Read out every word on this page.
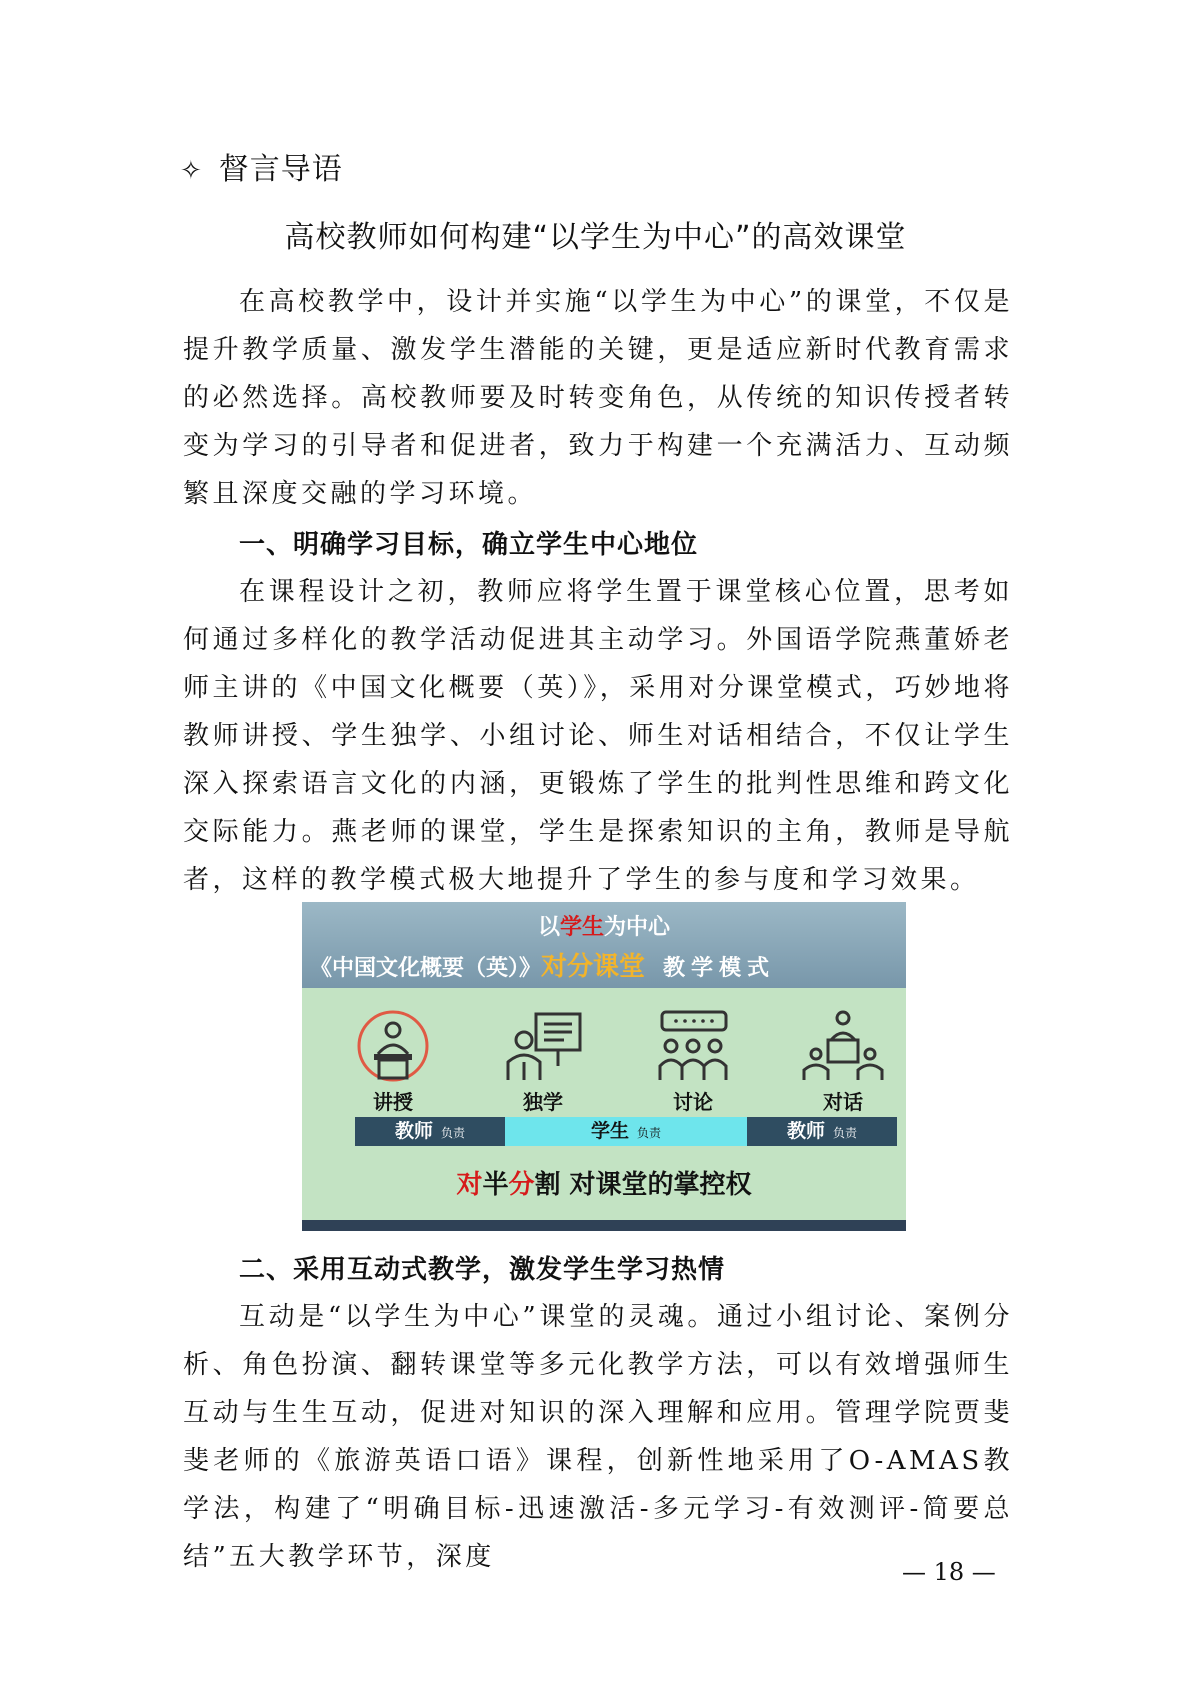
✧ 督言导语
高校教师如何构建“以学生为中心”的高效课堂

在高校教学中，设计并实施“以学生为中心”的课堂，不仅是提升教学质量、激发学生潜能的关键，更是适应新时代教育需求的必然选择。高校教师要及时转变角色，从传统的知识传授者转变为学习的引导者和促进者，致力于构建一个充满活力、互动频繁且深度交融的学习环境。

一、明确学习目标，确立学生中心地位

在课程设计之初，教师应将学生置于课堂核心位置，思考如何通过多样化的教学活动促进其主动学习。外国语学院燕董娇老师主讲的《中国文化概要（英）》，采用对分课堂模式，巧妙地将教师讲授、学生独学、小组讨论、师生对话相结合，不仅让学生深入探索语言文化的内涵，更锻炼了学生的批判性思维和跨文化交际能力。燕老师的课堂，学生是探索知识的主角，教师是导航者，这样的教学模式极大地提升了学生的参与度和学习效果。

以学生为中心
《中国文化概要（英）》对分课堂 教学模式
讲授	独学	讨论	对话
教师 负责	学生 负责	教师 负责
对半分割 对课堂的掌控权
二、采用互动式教学，激发学生学习热情

互动是“以学生为中心”课堂的灵魂。通过小组讨论、案例分析、角色扮演、翻转课堂等多元化教学方法，可以有效增强师生互动与生生互动，促进对知识的深入理解和应用。管理学院贾斐斐老师的《旅游英语口语》课程，创新性地采用了O-AMAS教学法，构建了“明确目标-迅速激活-多元学习-有效测评-简要总结”五大教学环节，深度	— 18 —
